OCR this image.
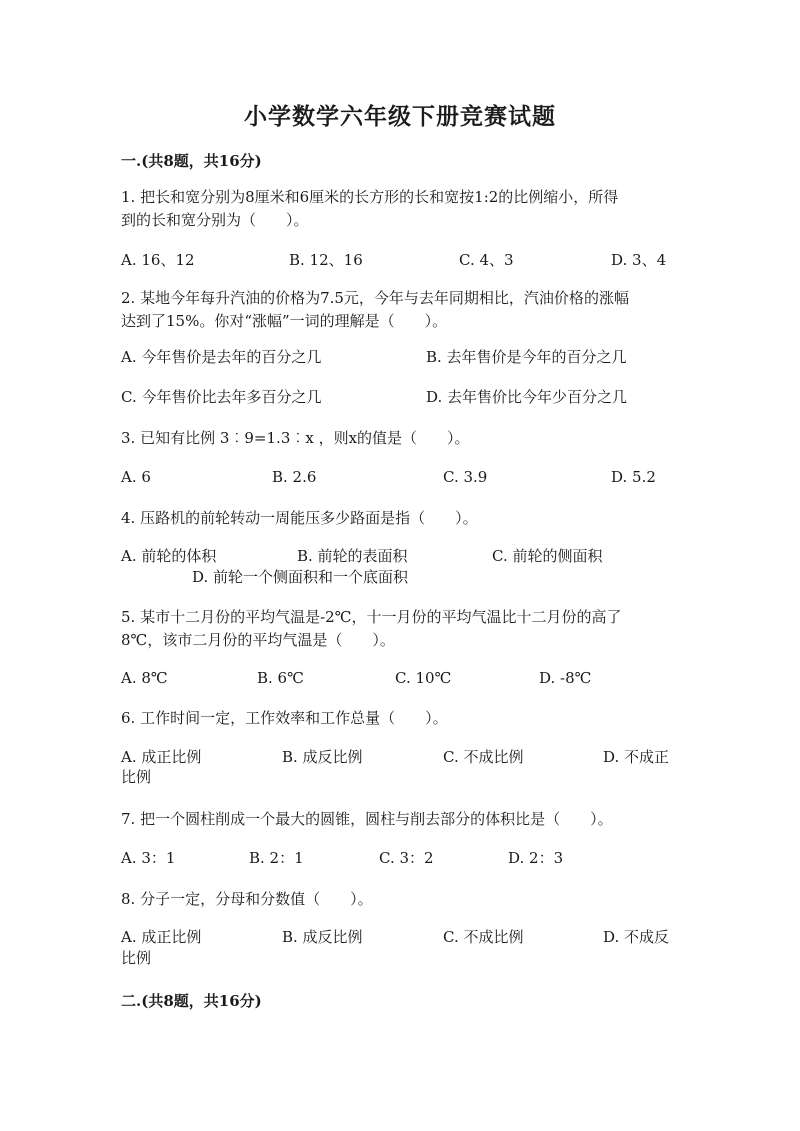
小学数学六年级下册竞赛试题
一.(共8题，共16分)
1. 把长和宽分别为8厘米和6厘米的长方形的长和宽按1:2的比例缩小，所得
到的长和宽分别为（　　）。
A. 16、12	B. 12、16	C. 4、3	D. 3、4
2. 某地今年每升汽油的价格为7.5元，今年与去年同期相比，汽油价格的涨幅
达到了15%。你对“涨幅”一词的理解是（　　）。
A. 今年售价是去年的百分之几	B. 去年售价是今年的百分之几
C. 今年售价比去年多百分之几	D. 去年售价比今年少百分之几
3. 已知有比例 3︰9=1.3︰x ，则x的值是（　　）。
A. 6	B. 2.6	C. 3.9	D. 5.2
4. 压路机的前轮转动一周能压多少路面是指（　　）。
A. 前轮的体积	B. 前轮的表面积	C. 前轮的侧面积
D. 前轮一个侧面积和一个底面积
5. 某市十二月份的平均气温是-2℃，十一月份的平均气温比十二月份的高了
8℃，该市二月份的平均气温是（　　）。
A. 8℃	B. 6℃	C. 10℃	D. -8℃
6. 工作时间一定，工作效率和工作总量（　　）。
A. 成正比例	B. 成反比例	C. 不成比例	D. 不成正
比例
7. 把一个圆柱削成一个最大的圆锥，圆柱与削去部分的体积比是（　　）。
A. 3：1	B. 2：1	C. 3：2	D. 2：3
8. 分子一定，分母和分数值（　　）。
A. 成正比例	B. 成反比例	C. 不成比例	D. 不成反
比例
二.(共8题，共16分)
